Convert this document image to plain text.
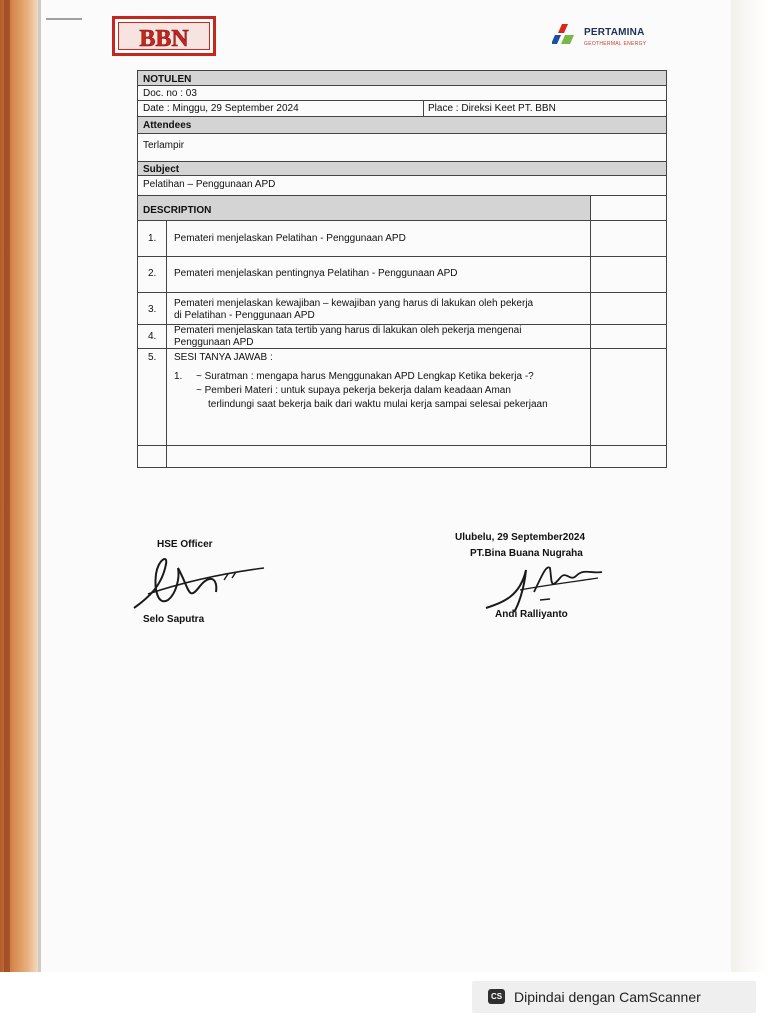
BBN	PERTAMINA
GEOTHERMAL ENERGY
NOTULEN
Doc. no : 03
Date : Minggu, 29 September 2024	Place : Direksi Keet PT. BBN
Attendees
Terlampir
Subject
Pelatihan – Penggunaan APD
DESCRIPTION
1. Pemateri menjelaskan Pelatihan - Penggunaan APD
2. Pemateri menjelaskan pentingnya Pelatihan - Penggunaan APD
3.
Pemateri menjelaskan kewajiban – kewajiban yang harus di lakukan oleh pekerja
di Pelatihan - Penggunaan APD
4.
Pemateri menjelaskan tata tertib yang harus di lakukan oleh pekerja mengenai
Penggunaan APD
5. SESI TANYA JAWAB :
1. ~ Suratman : mengapa harus Menggunakan APD Lengkap Ketika bekerja -?
~ Pemberi Materi : untuk supaya pekerja bekerja dalam keadaan Aman
terlindungi saat bekerja baik dari waktu mulai kerja sampai selesai pekerjaan
HSE Officer
Selo Saputra
Ulubelu, 29 September2024
PT.Bina Buana Nugraha
Andi Ralliyanto
CS Dipindai dengan CamScanner
